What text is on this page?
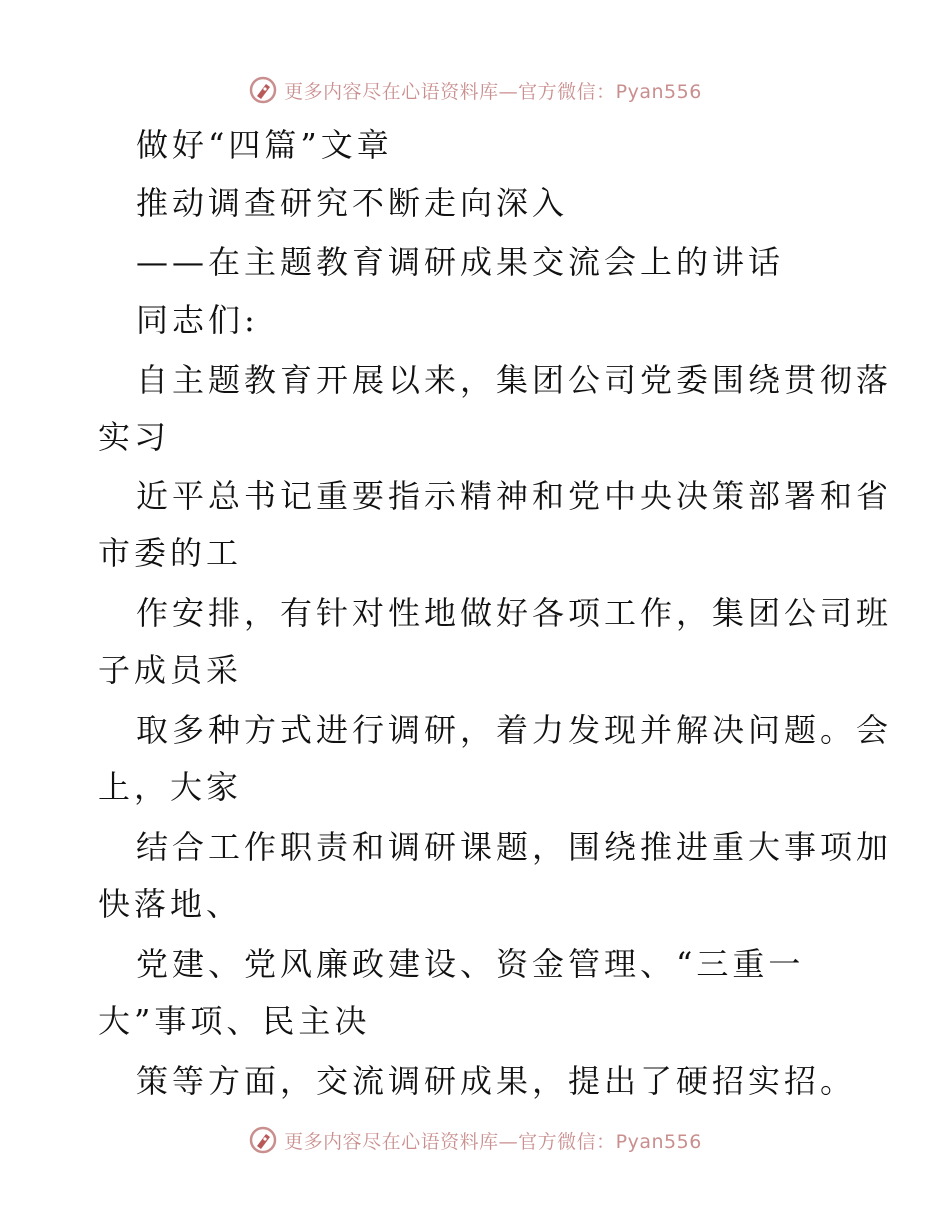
更多内容尽在心语资料库—官方微信：Pyan556
做好“四篇”文章
推动调查研究不断走向深入
——在主题教育调研成果交流会上的讲话
同志们:
自主题教育开展以来，集团公司党委围绕贯彻落
实习
近平总书记重要指示精神和党中央决策部署和省
市委的工
作安排，有针对性地做好各项工作，集团公司班
子成员采
取多种方式进行调研，着力发现并解决问题。会
上，大家
结合工作职责和调研课题，围绕推进重大事项加
快落地、
党建、党风廉政建设、资金管理、“三重一
大”事项、民主决
策等方面，交流调研成果，提出了硬招实招。
更多内容尽在心语资料库—官方微信：Pyan556
